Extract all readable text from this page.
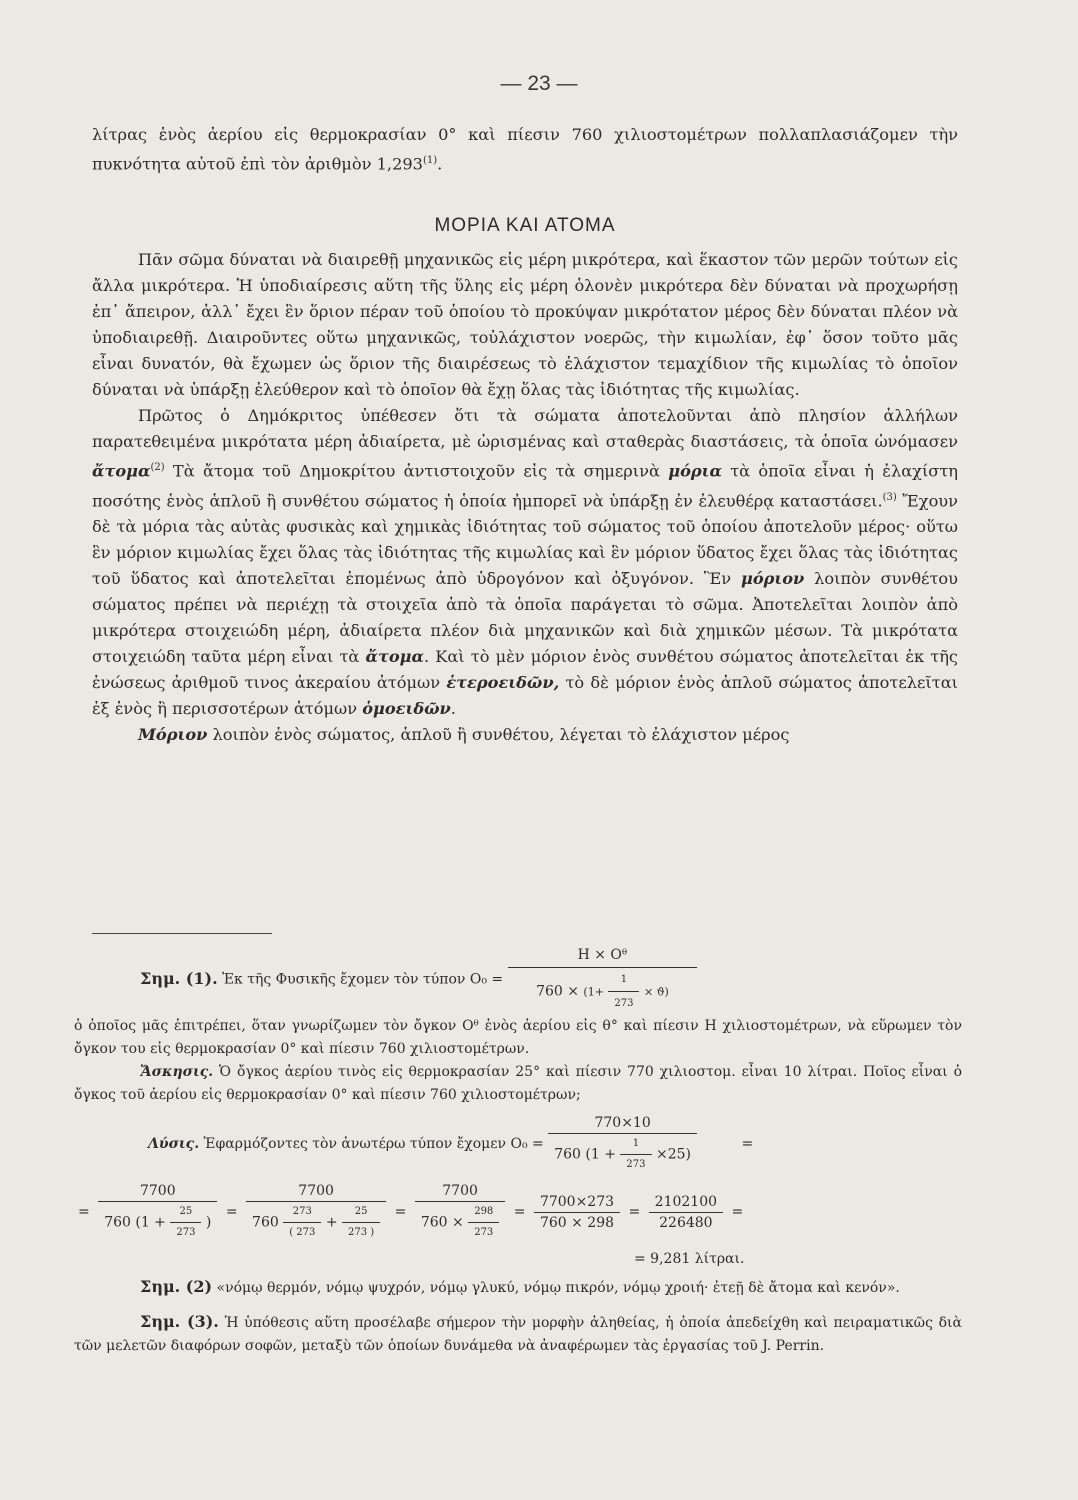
— 23 —

λίτρας ἑνὸς ἀερίου εἰς θερμοκρασίαν 0° καὶ πίεσιν 760 χιλιοστομέτρων πολλαπλασιάζομεν τὴν πυκνότητα αὐτοῦ ἐπὶ τὸν ἀριθμὸν 1,293$^{(1)}$.

ΜΟΡΙΑ ΚΑΙ ΑΤΟΜΑ

Πᾶν σῶμα δύναται νὰ διαιρεθῇ μηχανικῶς εἰς μέρη μικρότερα, καὶ ἕκαστον τῶν μερῶν τούτων εἰς ἄλλα μικρότερα. Ἡ ὑποδιαίρεσις αὕτη τῆς ὕλης εἰς μέρη ὁλονὲν μικρότερα δὲν δύναται νὰ προχωρήσῃ ἐπ᾽ ἄπειρον, ἀλλ᾽ ἔχει ἓν ὅριον πέραν τοῦ ὁποίου τὸ προκύψαν μικρότατον μέρος δὲν δύναται πλέον νὰ ὑποδιαιρεθῇ. Διαιροῦντες οὕτω μηχανικῶς, τοὐλάχιστον νοερῶς, τὴν κιμωλίαν, ἐφ᾽ ὅσον τοῦτο μᾶς εἶναι δυνατόν, θὰ ἔχωμεν ὡς ὅριον τῆς διαιρέσεως τὸ ἐλάχιστον τεμαχίδιον τῆς κιμωλίας τὸ ὁποῖον δύναται νὰ ὑπάρξῃ ἐλεύθερον καὶ τὸ ὁποῖον θὰ ἔχῃ ὅλας τὰς ἰδιότητας τῆς κιμωλίας.

Πρῶτος ὁ Δημόκριτος ὑπέθεσεν ὅτι τὰ σώματα ἀποτελοῦνται ἀπὸ πλησίον ἀλλήλων παρατεθειμένα μικρότατα μέρη ἀδιαίρετα, μὲ ὡρισμένας καὶ σταθερὰς διαστάσεις, τὰ ὁποῖα ὠνόμασεν ἄτομα$^{(2)}$ Τὰ ἄτομα τοῦ Δημοκρίτου ἀντιστοιχοῦν εἰς τὰ σημερινὰ μόρια τὰ ὁποῖα εἶναι ἡ ἐλαχίστη ποσότης ἑνὸς ἁπλοῦ ἢ συνθέτου σώματος ἡ ὁποία ἠμπορεῖ νὰ ὑπάρξῃ ἐν ἐλευθέρᾳ καταστάσει.$^{(3)}$ Ἔχουν δὲ τὰ μόρια τὰς αὐτὰς φυσικὰς καὶ χημικὰς ἰδιότητας τοῦ σώματος τοῦ ὁποίου ἀποτελοῦν μέρος· οὕτω ἓν μόριον κιμωλίας ἔχει ὅλας τὰς ἰδιότητας τῆς κιμωλίας καὶ ἓν μόριον ὕδατος ἔχει ὅλας τὰς ἰδιότητας τοῦ ὕδατος καὶ ἀποτελεῖται ἑπομένως ἀπὸ ὑδρογόνον καὶ ὀξυγόνον. Ἓν μόριον λοιπὸν συνθέτου σώματος πρέπει νὰ περιέχῃ τὰ στοιχεῖα ἀπὸ τὰ ὁποῖα παράγεται τὸ σῶμα. Ἀποτελεῖται λοιπὸν ἀπὸ μικρότερα στοιχειώδη μέρη, ἀδιαίρετα πλέον διὰ μηχανικῶν καὶ διὰ χημικῶν μέσων. Τὰ μικρότατα στοιχειώδη ταῦτα μέρη εἶναι τὰ ἄτομα. Καὶ τὸ μὲν μόριον ἑνὸς συνθέτου σώματος ἀποτελεῖται ἐκ τῆς ἑνώσεως ἀριθμοῦ τινος ἀκεραίου ἀτόμων ἑτεροειδῶν, τὸ δὲ μόριον ἑνὸς ἁπλοῦ σώματος ἀποτελεῖται ἐξ ἑνὸς ἢ περισσοτέρων ἀτόμων ὁμοειδῶν.

Μόριον λοιπὸν ἑνὸς σώματος, ἁπλοῦ ἢ συνθέτου, λέγεται τὸ ἐλάχιστον μέρος

Σημ. (1). Ἐκ τῆς Φυσικῆς ἔχομεν τὸν τύπον O₀ =
H × Oᶿ
$760 \times (1+ \frac{1}{273} \times ϑ)$

ὁ ὁποῖος μᾶς ἐπιτρέπει, ὅταν γνωρίζωμεν τὸν ὄγκον Oᶿ ἑνὸς ἀερίου εἰς θ° καὶ πίεσιν H χιλιοστομέτρων, νὰ εὕρωμεν τὸν ὄγκον του εἰς θερμοκρασίαν 0° καὶ πίεσιν 760 χιλιοστομέτρων.

Ἄσκησις. Ὁ ὄγκος ἀερίου τινὸς εἰς θερμοκρασίαν 25° καὶ πίεσιν 770 χιλιοστομ. εἶναι 10 λίτραι. Ποῖος εἶναι ὁ ὄγκος τοῦ ἀερίου εἰς θερμοκρασίαν 0° καὶ πίεσιν 760 χιλιοστομέτρων;

Λύσις. Ἐφαρμόζοντες τὸν ἀνωτέρω τύπον ἔχομεν O₀ =
770×10
760 $(1 + \frac{1}{273} \times 25)$
=
=
7700
760 ($1 + \frac{25}{273}$ )
=
7700
$760 \frac{273}{( 273} + \frac{25}{273 )} = \frac{7700}{760 \times \frac{298}{273}} = \frac{7700\times 273}{760 \times 298} = \frac{2102100}{226480}$ =
= 9,281 λίτραι.

Σημ. (2) «νόμῳ θερμόν, νόμῳ ψυχρόν, νόμῳ γλυκύ, νόμῳ πικρόν, νόμῳ χροιή· ἐτεῇ δὲ ἄτομα καὶ κενόν».

Σημ. (3). Ἡ ὑπόθεσις αὕτη προσέλαβε σήμερον τὴν μορφὴν ἀληθείας, ἡ ὁποία ἀπεδείχθη καὶ πειραματικῶς διὰ τῶν μελετῶν διαφόρων σοφῶν, μεταξὺ τῶν ὁποίων δυνάμεθα νὰ ἀναφέρωμεν τὰς ἐργασίας τοῦ J. Perrin.
